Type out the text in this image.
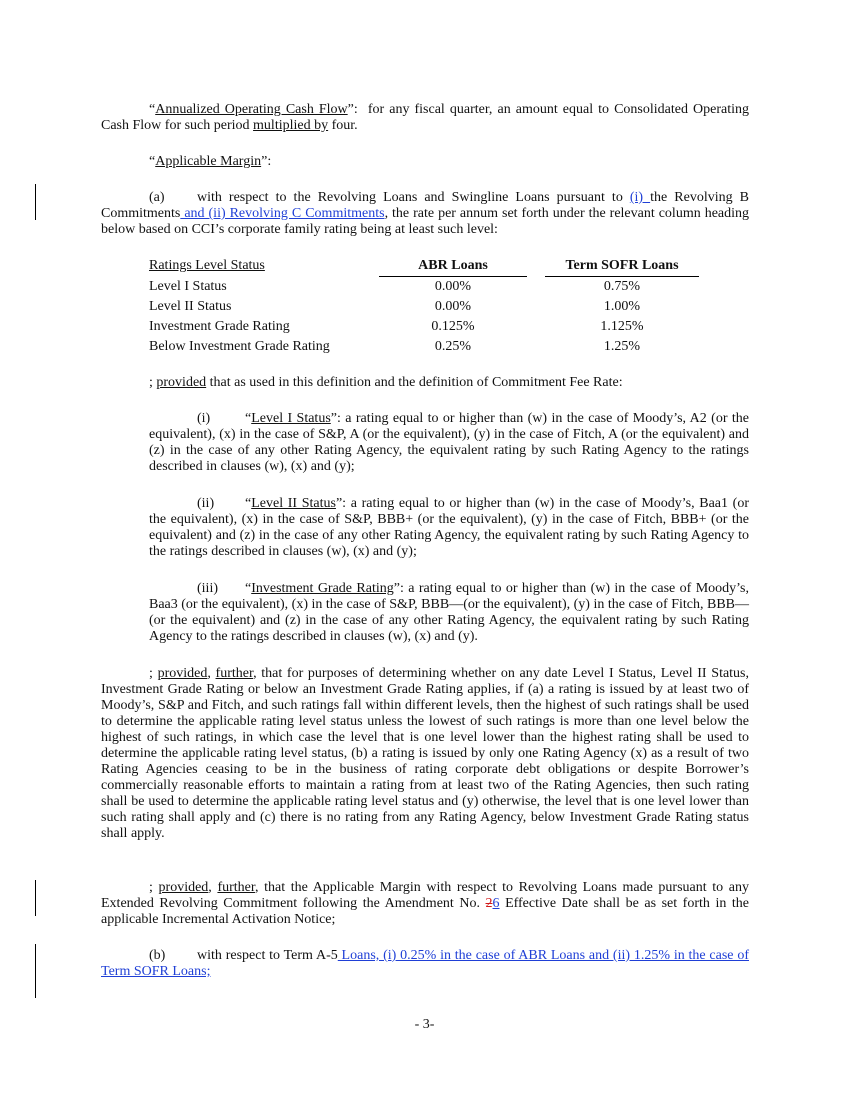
“Annualized Operating Cash Flow”:  for any fiscal quarter, an amount equal to Consolidated Operating Cash Flow for such period multiplied by four.

“Applicable Margin”:

(a) with respect to the Revolving Loans and Swingline Loans pursuant to (i) the Revolving B Commitments and (ii) Revolving C Commitments, the rate per annum set forth under the relevant column heading below based on CCI’s corporate family rating being at least such level:

Ratings Level Status	ABR Loans		Term SOFR Loans
Level I Status	0.00%		0.75%
Level II Status	0.00%		1.00%
Investment Grade Rating	0.125%		1.125%
Below Investment Grade Rating	0.25%		1.25%

; provided that as used in this definition and the definition of Commitment Fee Rate:

(i) “Level I Status”: a rating equal to or higher than (w) in the case of Moody’s, A2 (or the equivalent), (x) in the case of S&P, A (or the equivalent), (y) in the case of Fitch, A (or the equivalent) and (z) in the case of any other Rating Agency, the equivalent rating by such Rating Agency to the ratings described in clauses (w), (x) and (y);

(ii) “Level II Status”: a rating equal to or higher than (w) in the case of Moody’s, Baa1 (or the equivalent), (x) in the case of S&P, BBB+ (or the equivalent), (y) in the case of Fitch, BBB+ (or the equivalent) and (z) in the case of any other Rating Agency, the equivalent rating by such Rating Agency to the ratings described in clauses (w), (x) and (y);

(iii) “Investment Grade Rating”: a rating equal to or higher than (w) in the case of Moody’s, Baa3 (or the equivalent), (x) in the case of S&P, BBB—(or the equivalent), (y) in the case of Fitch, BBB—(or the equivalent) and (z) in the case of any other Rating Agency, the equivalent rating by such Rating Agency to the ratings described in clauses (w), (x) and (y).

; provided, further, that for purposes of determining whether on any date Level I Status, Level II Status, Investment Grade Rating or below an Investment Grade Rating applies, if (a) a rating is issued by at least two of Moody’s, S&P and Fitch, and such ratings fall within different levels, then the highest of such ratings shall be used to determine the applicable rating level status unless the lowest of such ratings is more than one level below the highest of such ratings, in which case the level that is one level lower than the highest rating shall be used to determine the applicable rating level status, (b) a rating is issued by only one Rating Agency (x) as a result of two Rating Agencies ceasing to be in the business of rating corporate debt obligations or despite Borrower’s commercially reasonable efforts to maintain a rating from at least two of the Rating Agencies, then such rating shall be used to determine the applicable rating level status and (y) otherwise, the level that is one level lower than such rating shall apply and (c) there is no rating from any Rating Agency, below Investment Grade Rating status shall apply.

; provided, further, that the Applicable Margin with respect to Revolving Loans made pursuant to any Extended Revolving Commitment following the Amendment No. 26 Effective Date shall be as set forth in the applicable Incremental Activation Notice;

(b) with respect to Term A-5 Loans, (i) 0.25% in the case of ABR Loans and (ii) 1.25% in the case of Term SOFR Loans;

- 3-
